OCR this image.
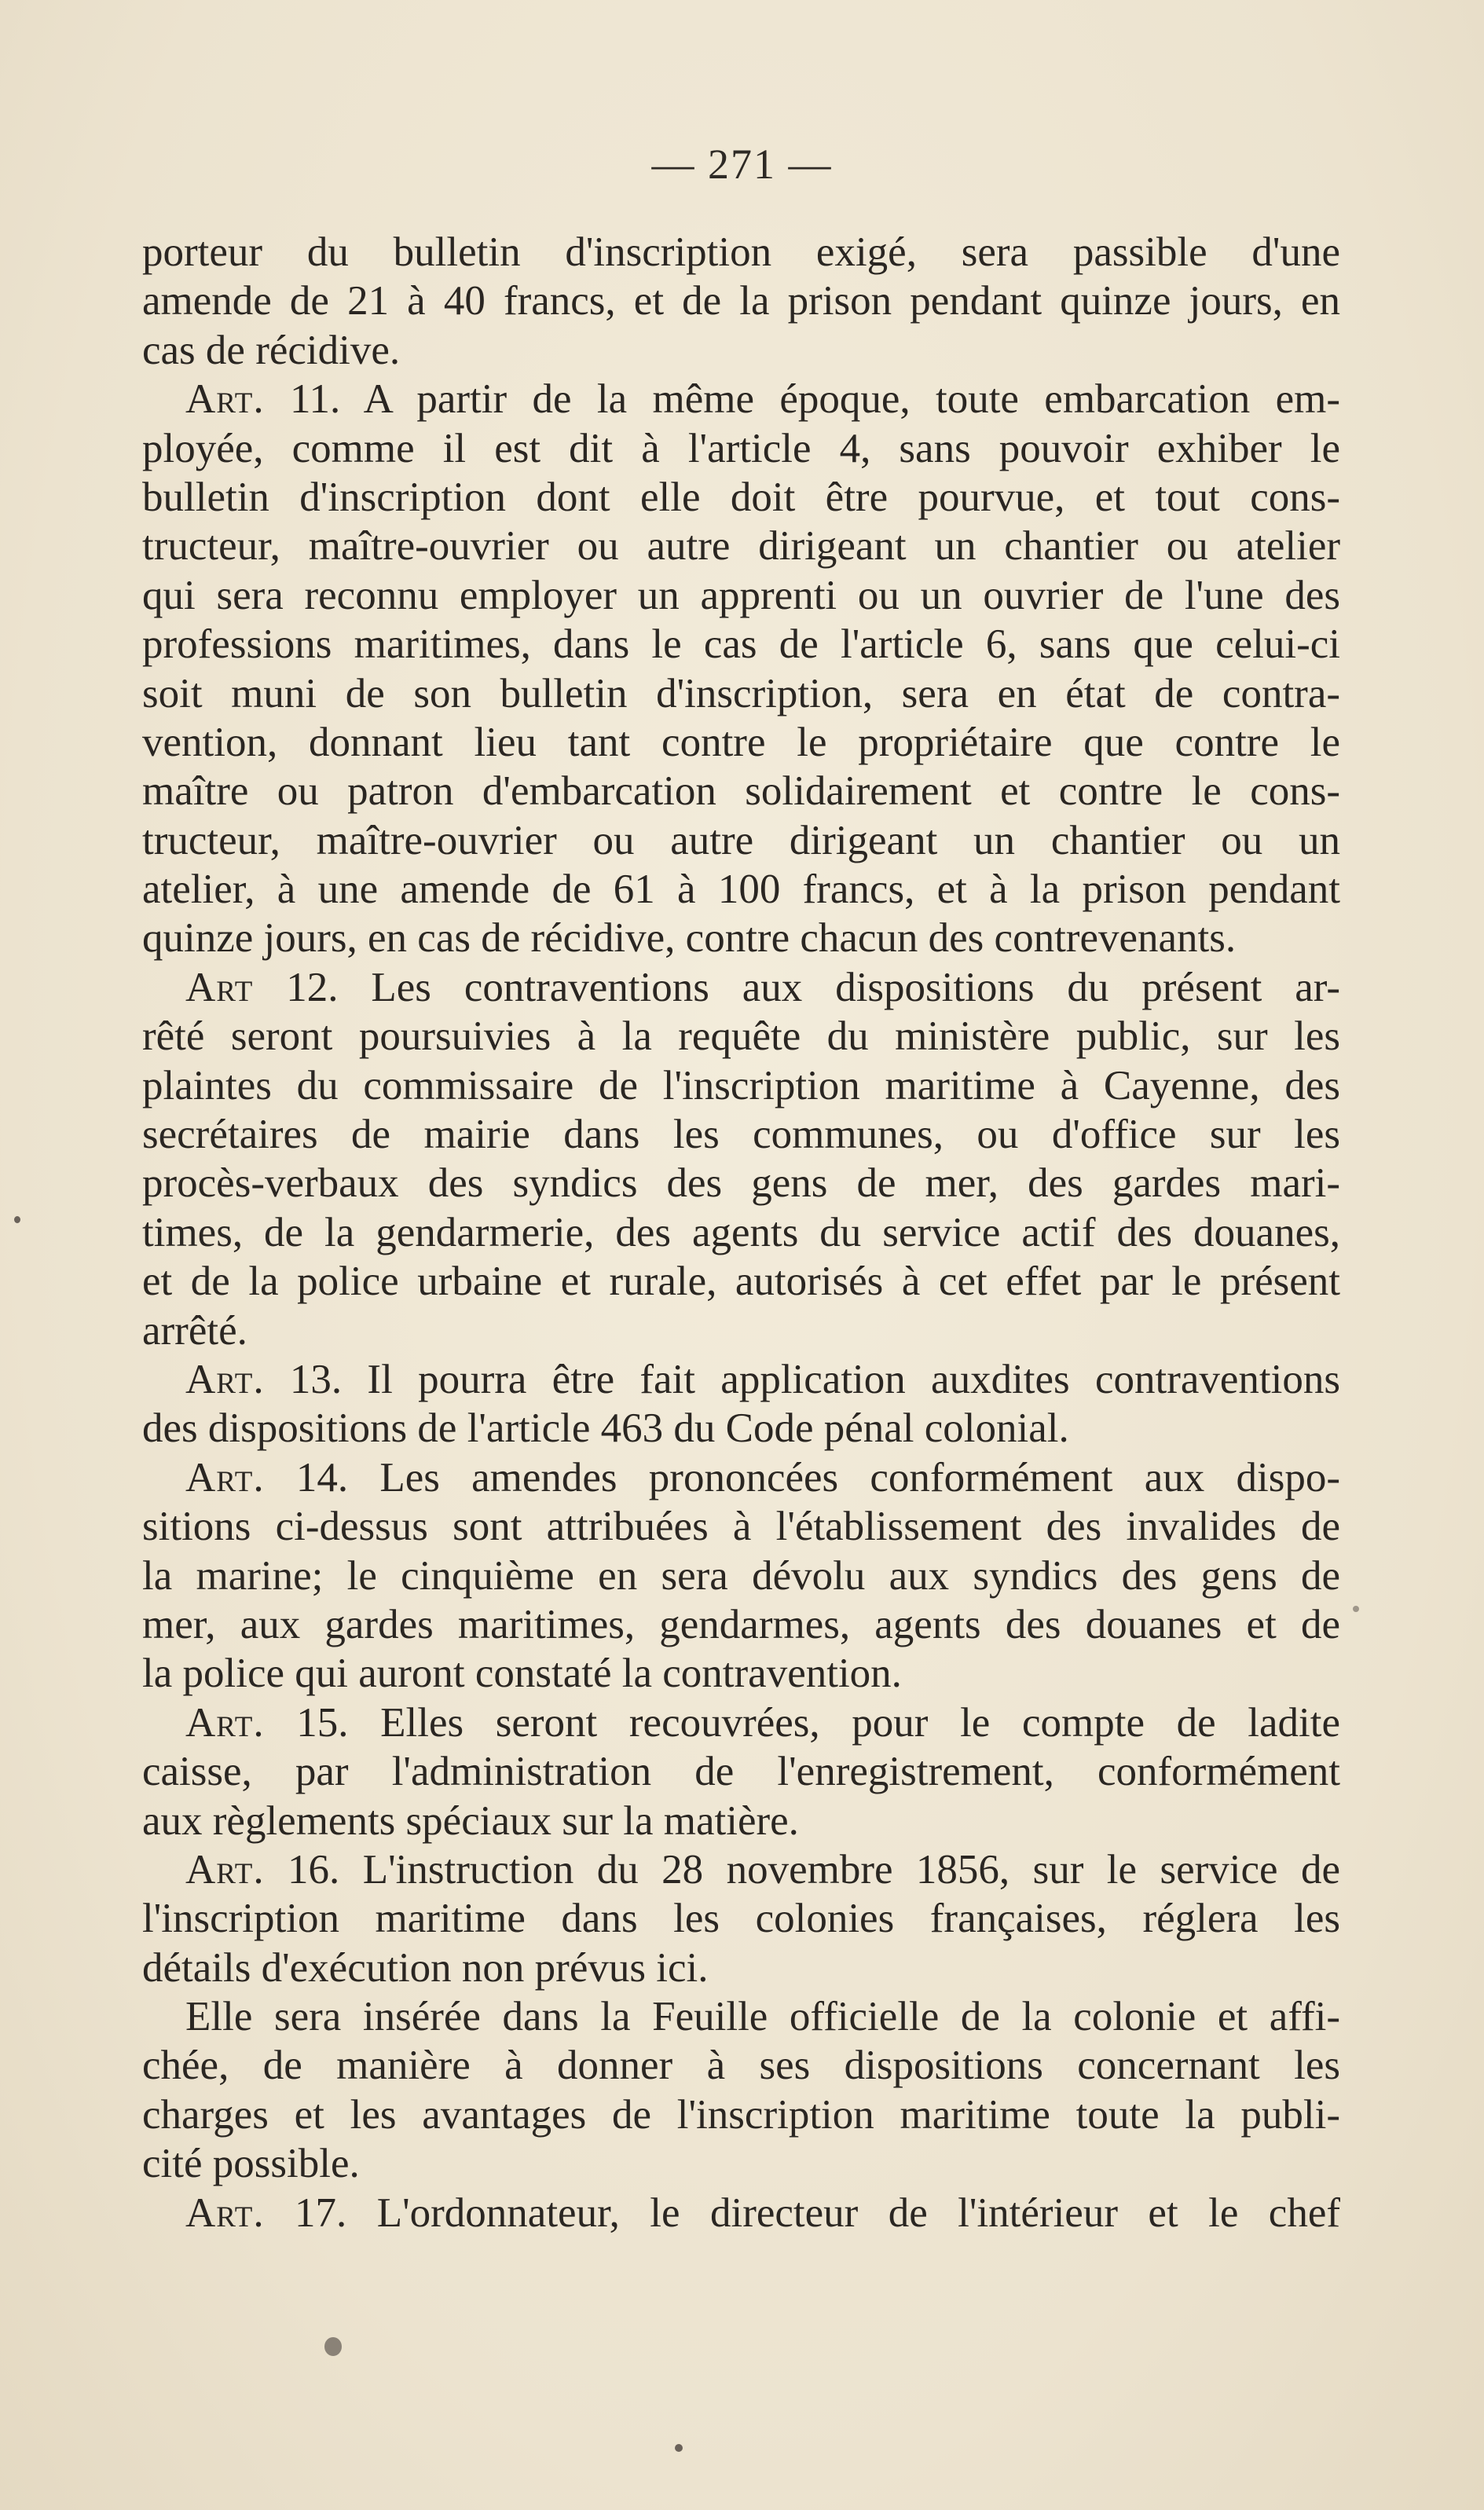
— 271 —
porteur du bulletin d'inscription exigé, sera passible d'une
amende de 21 à 40 francs, et de la prison pendant quinze jours, en
cas de récidive.
Art. 11. A partir de la même époque, toute embarcation em-
ployée, comme il est dit à l'article 4, sans pouvoir exhiber le
bulletin d'inscription dont elle doit être pourvue, et tout cons-
tructeur, maître-ouvrier ou autre dirigeant un chantier ou atelier
qui sera reconnu employer un apprenti ou un ouvrier de l'une des
professions maritimes, dans le cas de l'article 6, sans que celui-ci
soit muni de son bulletin d'inscription, sera en état de contra-
vention, donnant lieu tant contre le propriétaire que contre le
maître ou patron d'embarcation solidairement et contre le cons-
tructeur, maître-ouvrier ou autre dirigeant un chantier ou un
atelier, à une amende de 61 à 100 francs, et à la prison pendant
quinze jours, en cas de récidive, contre chacun des contrevenants.
Art 12. Les contraventions aux dispositions du présent ar-
rêté seront poursuivies à la requête du ministère public, sur les
plaintes du commissaire de l'inscription maritime à Cayenne, des
secrétaires de mairie dans les communes, ou d'office sur les
procès-verbaux des syndics des gens de mer, des gardes mari-
times, de la gendarmerie, des agents du service actif des douanes,
et de la police urbaine et rurale, autorisés à cet effet par le présent
arrêté.
Art. 13. Il pourra être fait application auxdites contraventions
des dispositions de l'article 463 du Code pénal colonial.
Art. 14. Les amendes prononcées conformément aux dispo-
sitions ci-dessus sont attribuées à l'établissement des invalides de
la marine; le cinquième en sera dévolu aux syndics des gens de
mer, aux gardes maritimes, gendarmes, agents des douanes et de
la police qui auront constaté la contravention.
Art. 15. Elles seront recouvrées, pour le compte de ladite
caisse, par l'administration de l'enregistrement, conformément
aux règlements spéciaux sur la matière.
Art. 16. L'instruction du 28 novembre 1856, sur le service de
l'inscription maritime dans les colonies françaises, réglera les
détails d'exécution non prévus ici.
Elle sera insérée dans la Feuille officielle de la colonie et affi-
chée, de manière à donner à ses dispositions concernant les
charges et les avantages de l'inscription maritime toute la publi-
cité possible.
Art. 17. L'ordonnateur, le directeur de l'intérieur et le chef
